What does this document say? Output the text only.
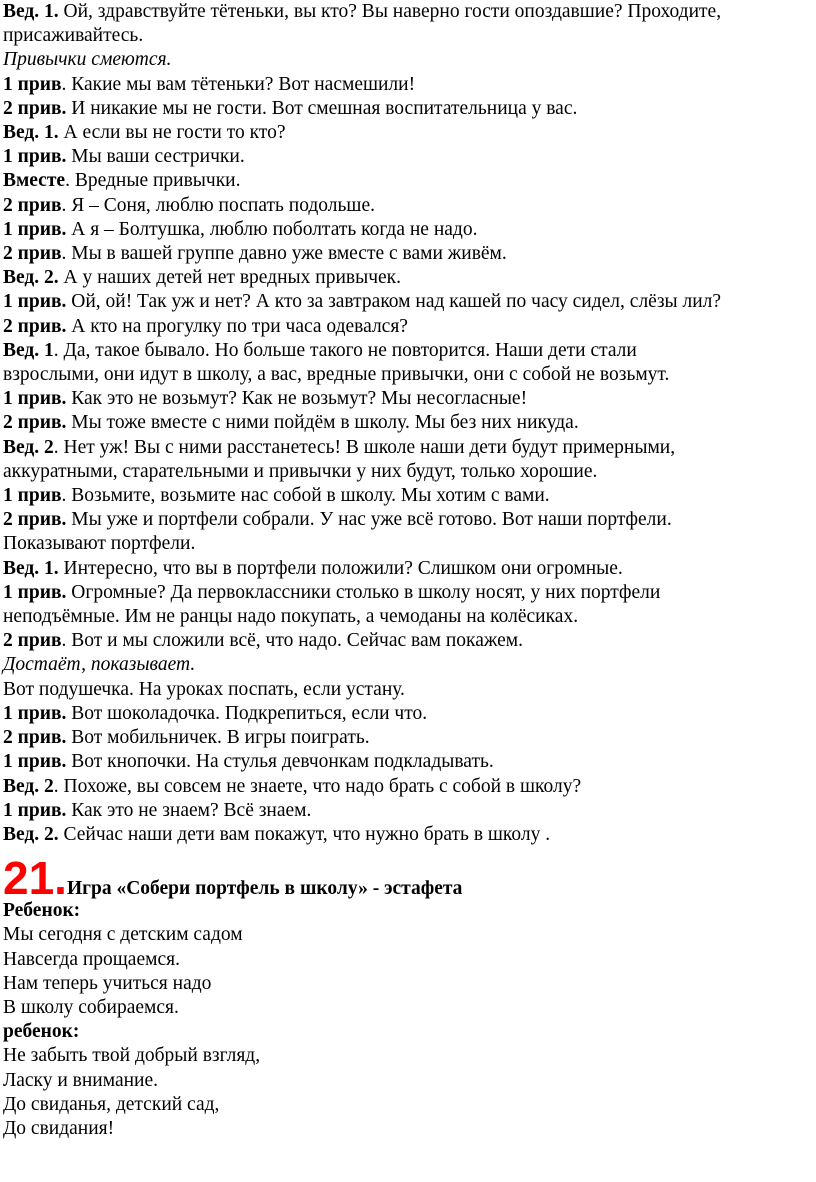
Вед. 1. Ой, здравствуйте тётеньки, вы кто? Вы наверно гости опоздавшие? Проходите,
присаживайтесь.
Привычки смеются.
1 прив. Какие мы вам тётеньки? Вот насмешили!
2 прив. И никакие мы не гости. Вот смешная воспитательница у вас.
Вед. 1. А если вы не гости то кто?
1 прив. Мы ваши сестрички.
Вместе. Вредные привычки.
2 прив. Я – Соня, люблю поспать подольше.
1 прив. А я – Болтушка, люблю поболтать когда не надо.
2 прив. Мы в вашей группе давно уже вместе с вами живём.
Вед. 2. А у наших детей нет вредных привычек.
1 прив. Ой, ой! Так уж и нет? А кто за завтраком над кашей по часу сидел, слёзы лил?
2 прив. А кто на прогулку по три часа одевался?
Вед. 1. Да, такое бывало. Но больше такого не повторится. Наши дети стали
взрослыми, они идут в школу, а вас, вредные привычки, они с собой не возьмут.
1 прив. Как это не возьмут? Как не возьмут? Мы несогласные!
2 прив. Мы тоже вместе с ними пойдём в школу. Мы без них никуда.
Вед. 2. Нет уж! Вы с ними расстанетесь! В школе наши дети будут примерными,
аккуратными, старательными и привычки у них будут, только хорошие.
1 прив. Возьмите, возьмите нас собой в школу. Мы хотим с вами.
2 прив. Мы уже и портфели собрали. У нас уже всё готово. Вот наши портфели.
Показывают портфели.
Вед. 1. Интересно, что вы в портфели положили? Слишком они огромные.
1 прив. Огромные? Да первоклассники столько в школу носят, у них портфели
неподъёмные. Им не ранцы надо покупать, а чемоданы на колёсиках.
2 прив. Вот и мы сложили всё, что надо. Сейчас вам покажем.
Достаёт, показывает.
Вот подушечка. На уроках поспать, если устану.
1 прив. Вот шоколадочка. Подкрепиться, если что.
2 прив. Вот мобильничек. В игры поиграть.
1 прив. Вот кнопочки. На стулья девчонкам подкладывать.
Вед. 2. Похоже, вы совсем не знаете, что надо брать с собой в школу?
1 прив. Как это не знаем? Всё знаем.
Вед. 2. Сейчас наши дети вам покажут, что нужно брать в школу .
21.Игра «Собери портфель в школу» - эстафета
Ребенок:
Мы сегодня с детским садом
Навсегда прощаемся.
Нам теперь учиться надо
В школу собираемся.
ребенок:
Не забыть твой добрый взгляд,
Ласку и внимание.
До свиданья, детский сад,
До свидания!
